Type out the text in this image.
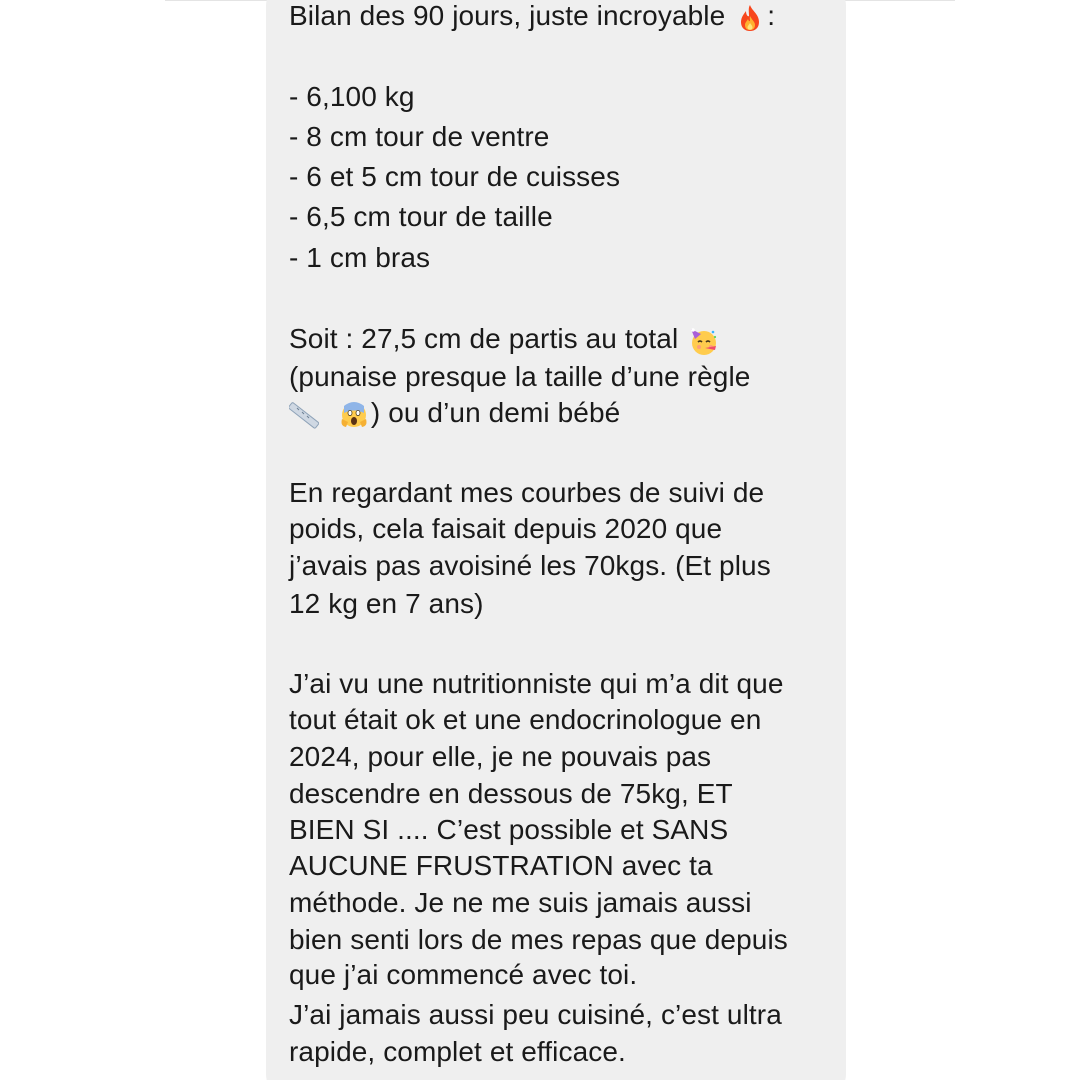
Bilan des 90 jours, juste incroyable :
- 6,100 kg
- 8 cm tour de ventre
- 6 et 5 cm tour de cuisses
- 6,5 cm tour de taille
- 1 cm bras
Soit : 27,5 cm de partis au total
(punaise presque la taille d’une règle

) ou d’un demi bébé
En regardant mes courbes de suivi de
poids, cela faisait depuis 2020 que
j’avais pas avoisiné les 70kgs. (Et plus
12 kg en 7 ans)
J’ai vu une nutritionniste qui m’a dit que
tout était ok et une endocrinologue en
2024, pour elle, je ne pouvais pas
descendre en dessous de 75kg, ET
BIEN SI .... C’est possible et SANS
AUCUNE FRUSTRATION avec ta
méthode. Je ne me suis jamais aussi
bien senti lors de mes repas que depuis
que j’ai commencé avec toi.
J’ai jamais aussi peu cuisiné, c’est ultra
rapide, complet et efficace.
